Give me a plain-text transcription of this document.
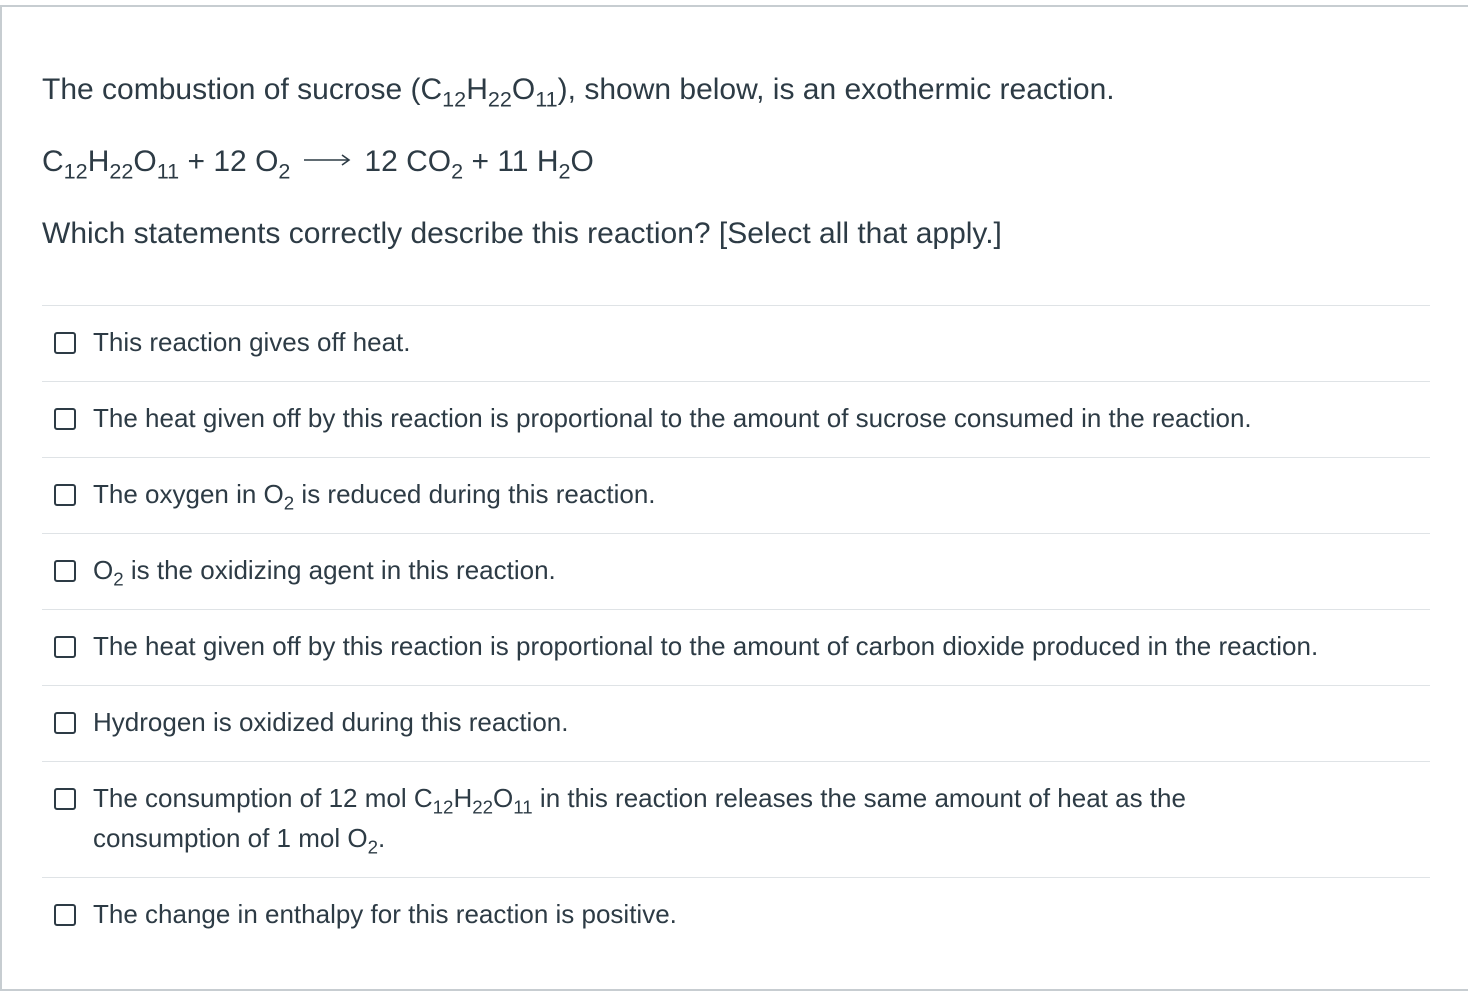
The combustion of sucrose $(C_{12}H_{22}O_{11})$, shown below, is an exothermic reaction.
$C_{12}H_{22}O_{11} + 12$ $O_2 \to 12$ $CO_2 + 11$ $H_2O$
Which statements correctly describe this reaction? [Select all that apply.]
This reaction gives off heat.
The heat given off by this reaction is proportional to the amount of sucrose consumed in the reaction.
The oxygen in $O_2$ is reduced during this reaction.
$O_2$ is the oxidizing agent in this reaction.
The heat given off by this reaction is proportional to the amount of carbon dioxide produced in the reaction.
Hydrogen is oxidized during this reaction.
The consumption of 12 mol $C_{12}H_{22}O_{11}$ in this reaction releases the same amount of heat as the consumption of 1 mol $O_2$.
The change in enthalpy for this reaction is positive.
